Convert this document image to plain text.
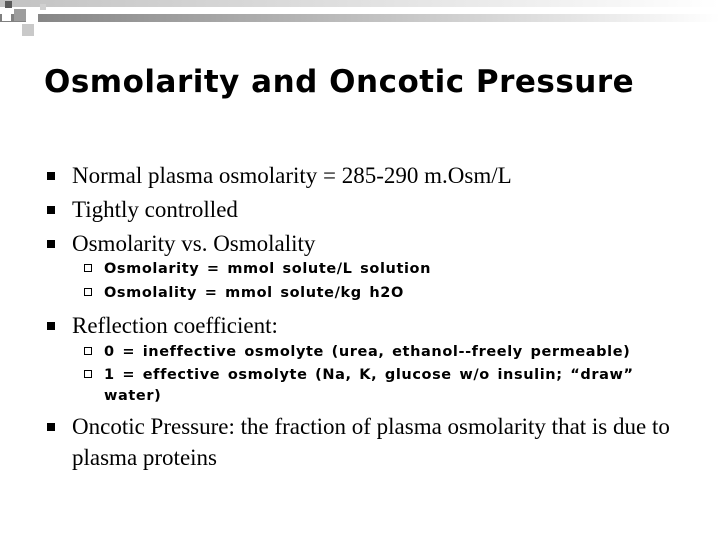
Osmolarity and Oncotic Pressure
Normal plasma osmolarity = 285-290 m.Osm/L
Tightly controlled
Osmolarity vs. Osmolality
Osmolarity = mmol solute/L solution
Osmolality = mmol solute/kg h2O
Reflection coefficient:
0 = ineffective osmolyte (urea, ethanol--freely permeable)
1 = effective osmolyte (Na, K, glucose w/o insulin; “draw” water)
Oncotic Pressure: the fraction of plasma osmolarity that is due to plasma proteins
